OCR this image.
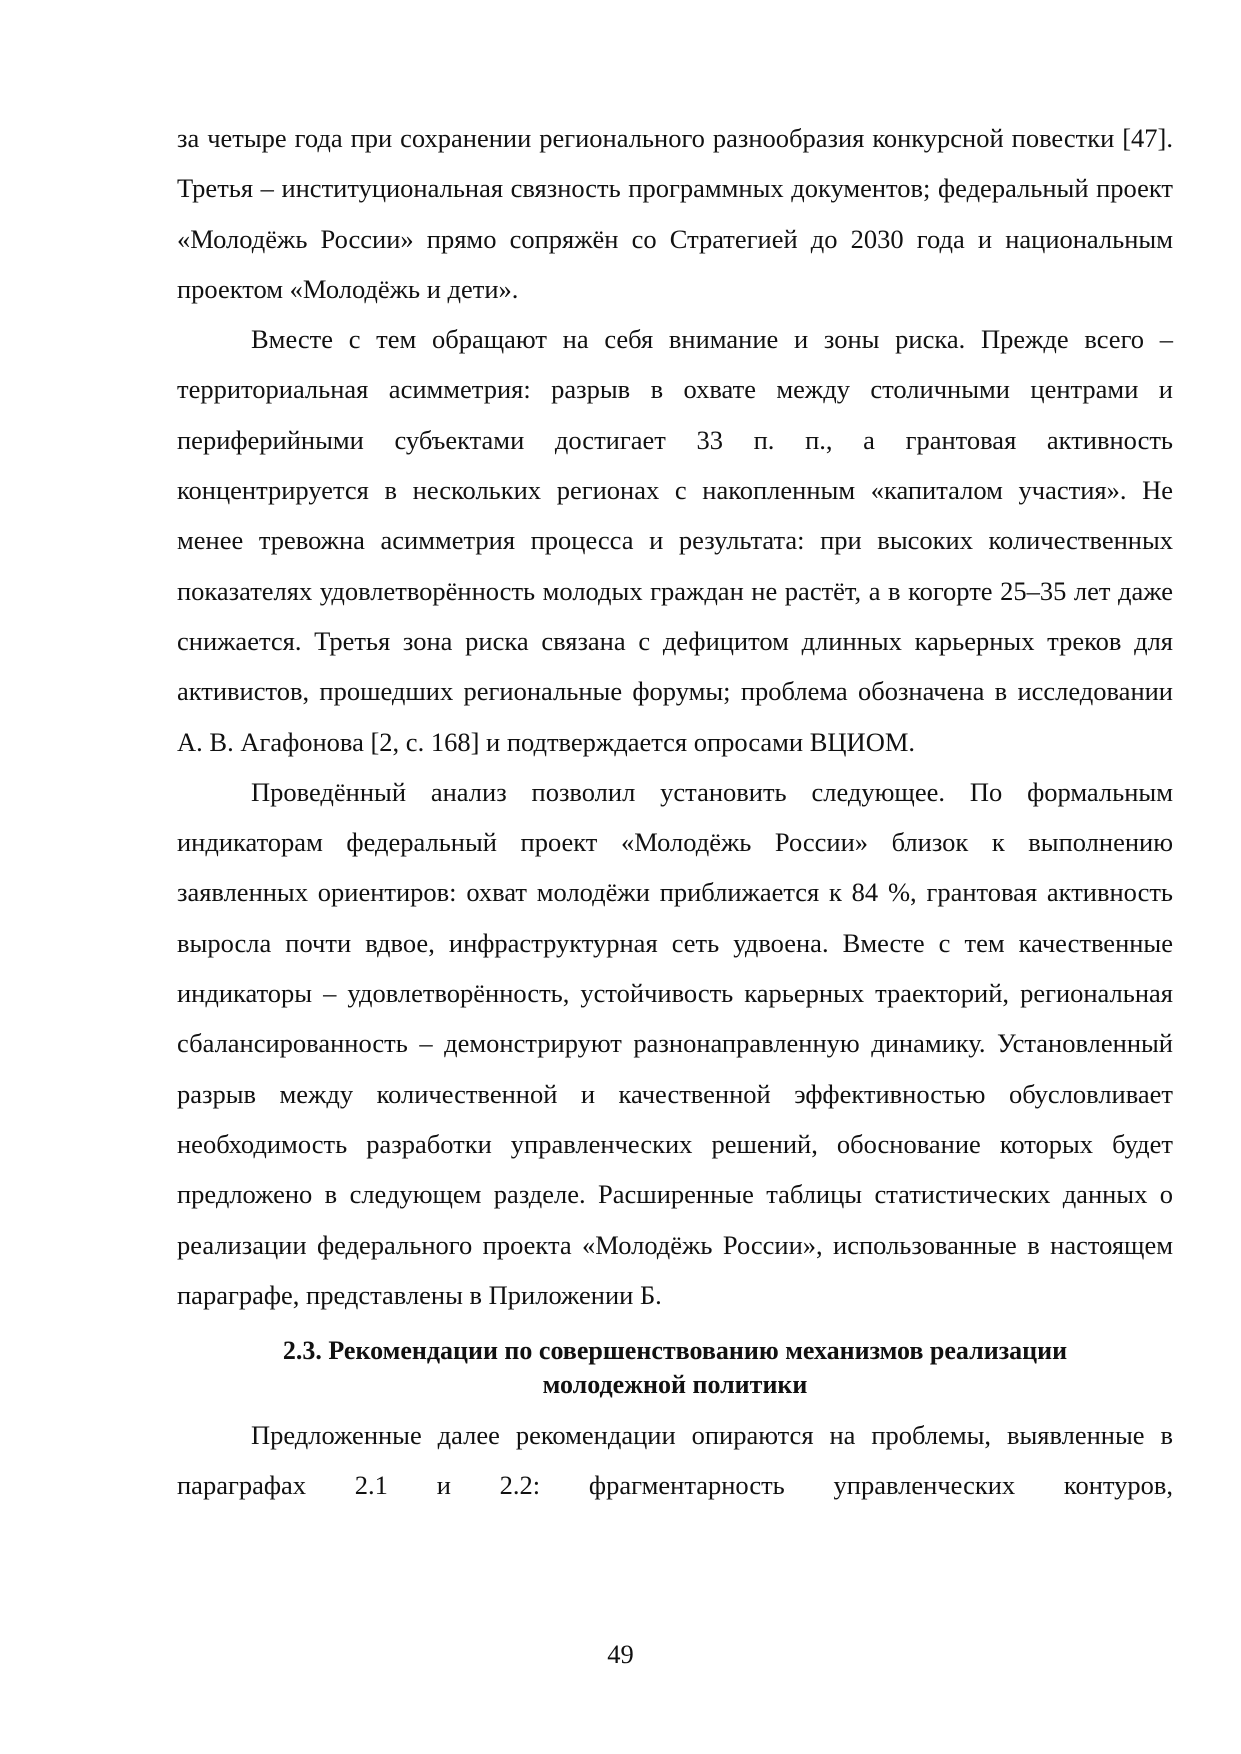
за четыре года при сохранении регионального разнообразия конкурсной повестки [47]. Третья – институциональная связность программных документов; федеральный проект «Молодёжь России» прямо сопряжён со Стратегией до 2030 года и национальным проектом «Молодёжь и дети».

Вместе с тем обращают на себя внимание и зоны риска. Прежде всего – территориальная асимметрия: разрыв в охвате между столичными центрами и периферийными субъектами достигает 33 п. п., а грантовая активность концентрируется в нескольких регионах с накопленным «капиталом участия». Не менее тревожна асимметрия процесса и результата: при высоких количественных показателях удовлетворённость молодых граждан не растёт, а в когорте 25–35 лет даже снижается. Третья зона риска связана с дефицитом длинных карьерных треков для активистов, прошедших региональные форумы; проблема обозначена в исследовании А. В. Агафонова [2, с. 168] и подтверждается опросами ВЦИОМ.

Проведённый анализ позволил установить следующее. По формальным индикаторам федеральный проект «Молодёжь России» близок к выполнению заявленных ориентиров: охват молодёжи приближается к 84 %, грантовая активность выросла почти вдвое, инфраструктурная сеть удвоена. Вместе с тем качественные индикаторы – удовлетворённость, устойчивость карьерных траекторий, региональная сбалансированность – демонстрируют разнонаправленную динамику. Установленный разрыв между количественной и качественной эффективностью обусловливает необходимость разработки управленческих решений, обоснование которых будет предложено в следующем разделе. Расширенные таблицы статистических данных о реализации федерального проекта «Молодёжь России», использованные в настоящем параграфе, представлены в Приложении Б.

2.3. Рекомендации по совершенствованию механизмов реализации молодежной политики

Предложенные далее рекомендации опираются на проблемы, выявленные в параграфах 2.1 и 2.2: фрагментарность управленческих контуров,

49
